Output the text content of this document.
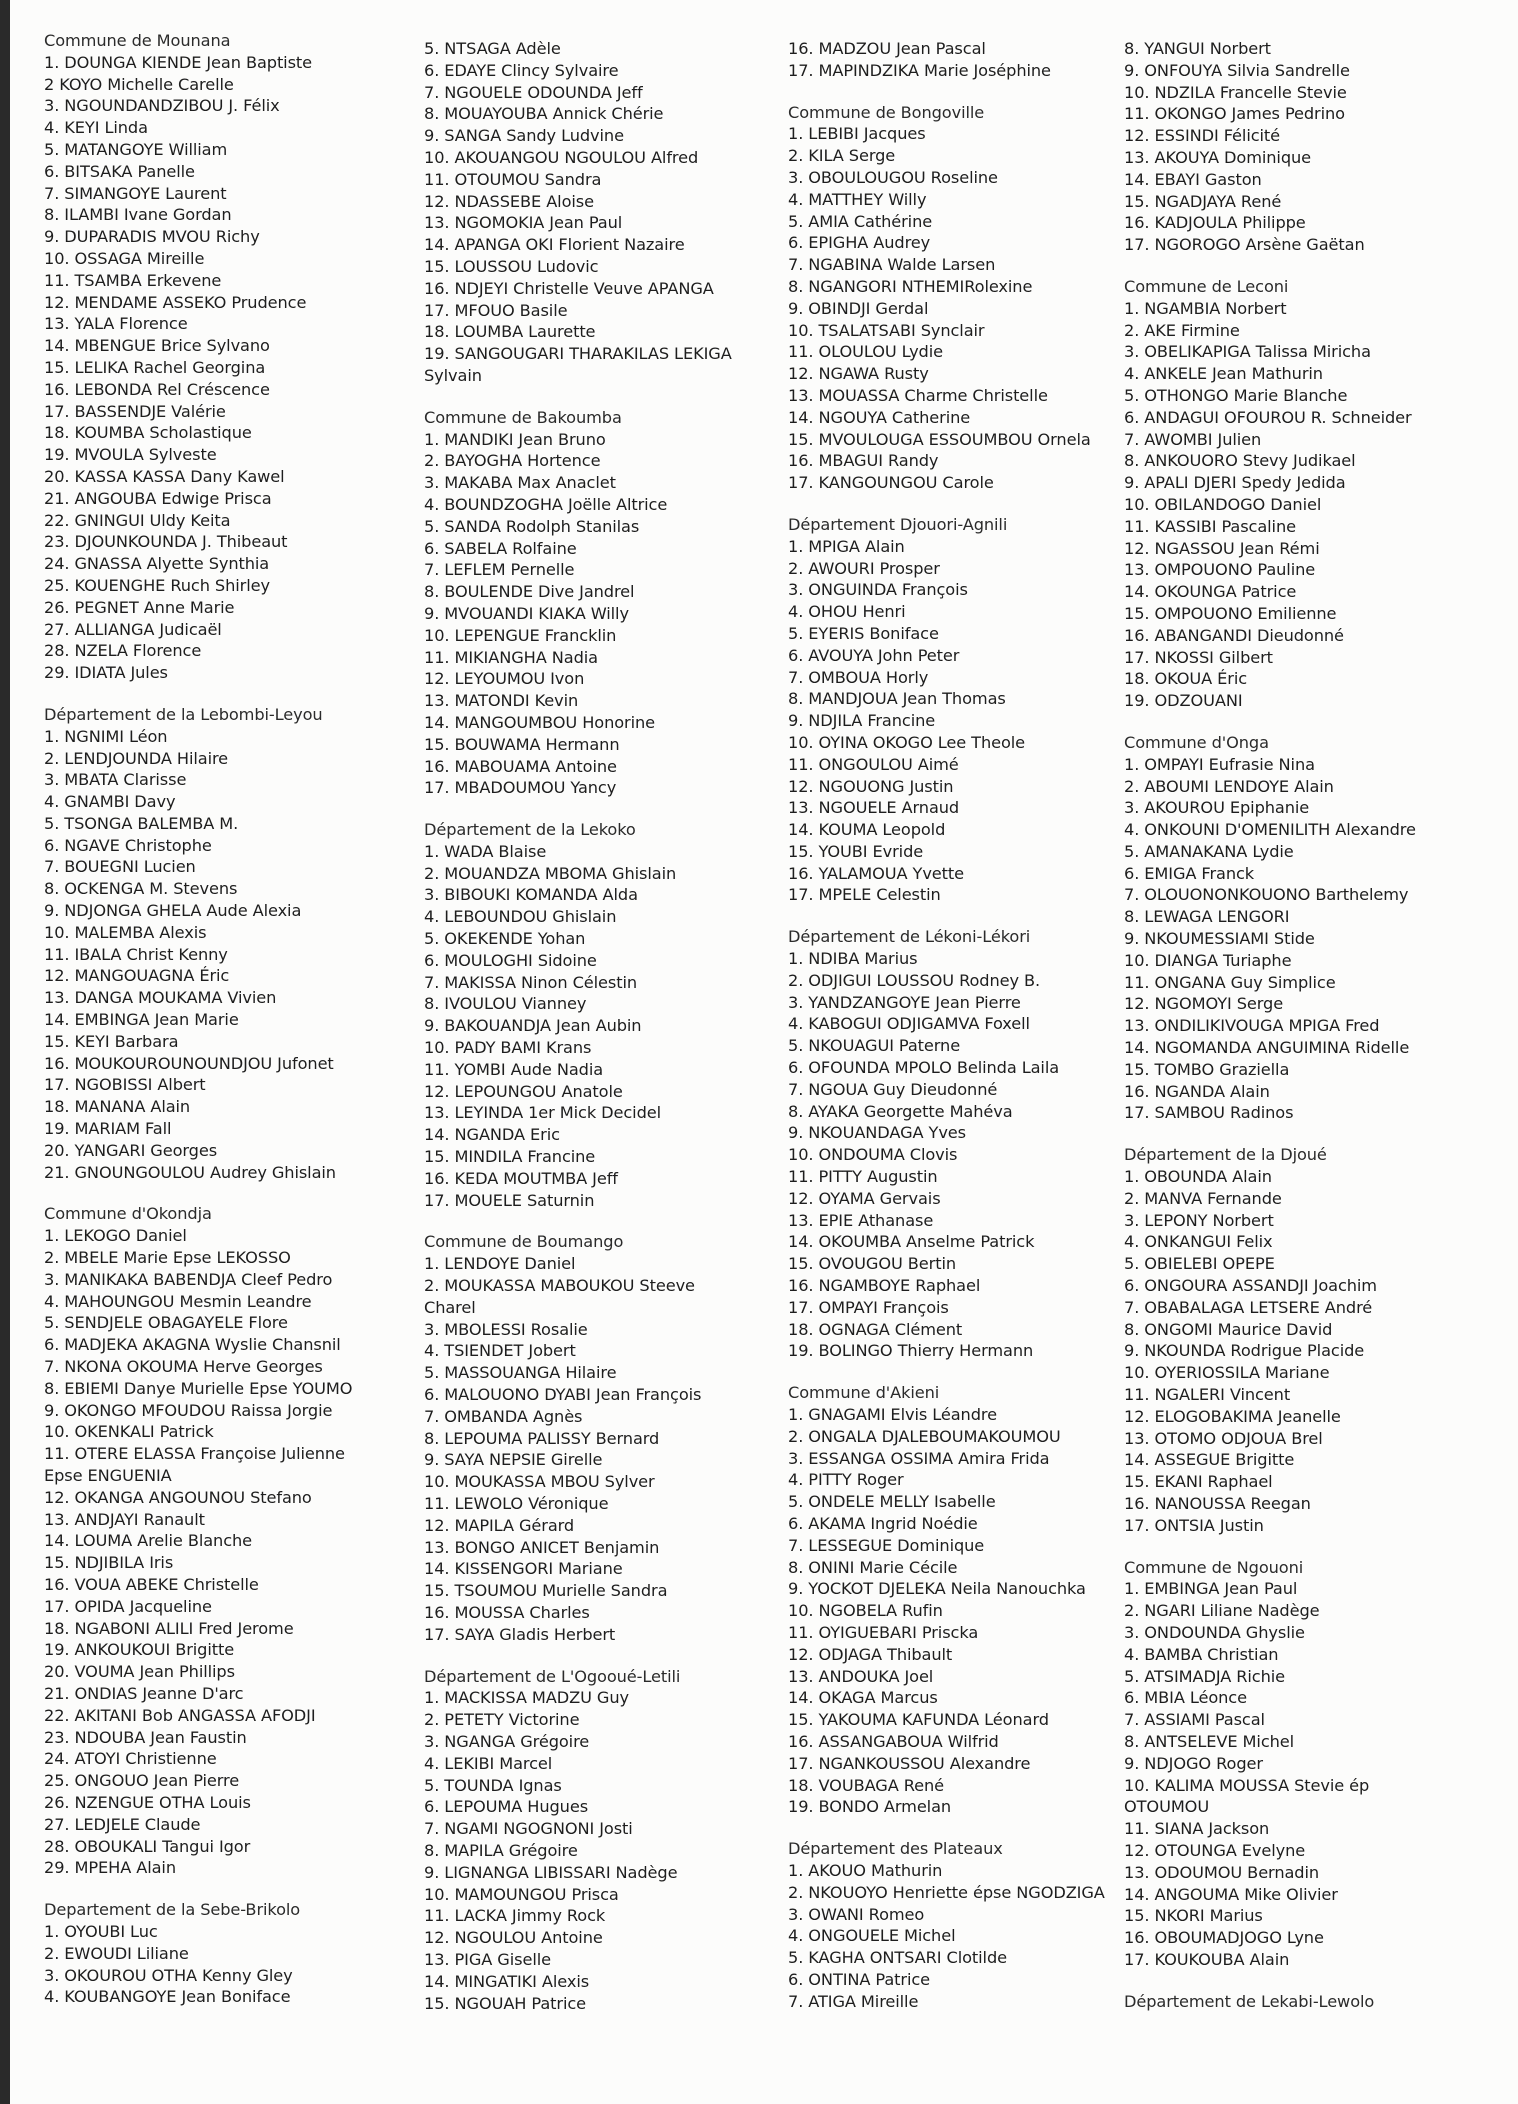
Commune de Mounana
1. DOUNGA KIENDE Jean Baptiste
2 KOYO Michelle Carelle
3. NGOUNDANDZIBOU J. Félix
4. KEYI Linda
5. MATANGOYE William
6. BITSAKA Panelle
7. SIMANGOYE Laurent
8. ILAMBI Ivane Gordan
9. DUPARADIS MVOU Richy
10. OSSAGA Mireille
11. TSAMBA Erkevene
12. MENDAME ASSEKO Prudence
13. YALA Florence
14. MBENGUE Brice Sylvano
15. LELIKA Rachel Georgina
16. LEBONDA Rel Créscence
17. BASSENDJE Valérie
18. KOUMBA Scholastique
19. MVOULA Sylveste
20. KASSA KASSA Dany Kawel
21. ANGOUBA Edwige Prisca
22. GNINGUI Uldy Keita
23. DJOUNKOUNDA J. Thibeaut
24. GNASSA Alyette Synthia
25. KOUENGHE Ruch Shirley
26. PEGNET Anne Marie
27. ALLIANGA Judicaël
28. NZELA Florence
29. IDIATA Jules
Département de la Lebombi-Leyou
1. NGNIMI Léon
2. LENDJOUNDA Hilaire
3. MBATA Clarisse
4. GNAMBI Davy
5. TSONGA BALEMBA M.
6. NGAVE Christophe
7. BOUEGNI Lucien
8. OCKENGA M. Stevens
9. NDJONGA GHELA Aude Alexia
10. MALEMBA Alexis
11. IBALA Christ Kenny
12. MANGOUAGNA Éric
13. DANGA MOUKAMA Vivien
14. EMBINGA Jean Marie
15. KEYI Barbara
16. MOUKOUROUNOUNDJOU Jufonet
17. NGOBISSI Albert
18. MANANA Alain
19. MARIAM Fall
20. YANGARI Georges
21. GNOUNGOULOU Audrey Ghislain
Commune d'Okondja
1. LEKOGO Daniel
2. MBELE Marie Epse LEKOSSO
3. MANIKAKA BABENDJA Cleef Pedro
4. MAHOUNGOU Mesmin Leandre
5. SENDJELE OBAGAYELE Flore
6. MADJEKA AKAGNA Wyslie Chansnil
7. NKONA OKOUMA Herve Georges
8. EBIEMI Danye Murielle Epse YOUMO
9. OKONGO MFOUDOU Raissa Jorgie
10. OKENKALI Patrick
11. OTERE ELASSA Françoise Julienne
Epse ENGUENIA
12. OKANGA ANGOUNOU Stefano
13. ANDJAYI Ranault
14. LOUMA Arelie Blanche
15. NDJIBILA Iris
16. VOUA ABEKE Christelle
17. OPIDA Jacqueline
18. NGABONI ALILI Fred Jerome
19. ANKOUKOUI Brigitte
20. VOUMA Jean Phillips
21. ONDIAS Jeanne D'arc
22. AKITANI Bob ANGASSA AFODJI
23. NDOUBA Jean Faustin
24. ATOYI Christienne
25. ONGOUO Jean Pierre
26. NZENGUE OTHA Louis
27. LEDJELE Claude
28. OBOUKALI Tangui Igor
29. MPEHA Alain
Departement de la Sebe-Brikolo
1. OYOUBI Luc
2. EWOUDI Liliane
3. OKOUROU OTHA Kenny Gley
4. KOUBANGOYE Jean Boniface
5. NTSAGA Adèle
6. EDAYE Clincy Sylvaire
7. NGOUELE ODOUNDA Jeff
8. MOUAYOUBA Annick Chérie
9. SANGA Sandy Ludvine
10. AKOUANGOU NGOULOU Alfred
11. OTOUMOU Sandra
12. NDASSEBE Aloise
13. NGOMOKIA Jean Paul
14. APANGA OKI Florient Nazaire
15. LOUSSOU Ludovic
16. NDJEYI Christelle Veuve APANGA
17. MFOUO Basile
18. LOUMBA Laurette
19. SANGOUGARI THARAKILAS LEKIGA
Sylvain
Commune de Bakoumba
1. MANDIKI Jean Bruno
2. BAYOGHA Hortence
3. MAKABA Max Anaclet
4. BOUNDZOGHA Joëlle Altrice
5. SANDA Rodolph Stanilas
6. SABELA Rolfaine
7. LEFLEM Pernelle
8. BOULENDE Dive Jandrel
9. MVOUANDI KIAKA Willy
10. LEPENGUE Francklin
11. MIKIANGHA Nadia
12. LEYOUMOU Ivon
13. MATONDI Kevin
14. MANGOUMBOU Honorine
15. BOUWAMA Hermann
16. MABOUAMA Antoine
17. MBADOUMOU Yancy
Département de la Lekoko
1. WADA Blaise
2. MOUANDZA MBOMA Ghislain
3. BIBOUKI KOMANDA Alda
4. LEBOUNDOU Ghislain
5. OKEKENDE Yohan
6. MOULOGHI Sidoine
7. MAKISSA Ninon Célestin
8. IVOULOU Vianney
9. BAKOUANDJA Jean Aubin
10. PADY BAMI Krans
11. YOMBI Aude Nadia
12. LEPOUNGOU Anatole
13. LEYINDA 1er Mick Decidel
14. NGANDA Eric
15. MINDILA Francine
16. KEDA MOUTMBA Jeff
17. MOUELE Saturnin
Commune de Boumango
1. LENDOYE Daniel
2. MOUKASSA MABOUKOU Steeve
Charel
3. MBOLESSI Rosalie
4. TSIENDET Jobert
5. MASSOUANGA Hilaire
6. MALOUONO DYABI Jean François
7. OMBANDA Agnès
8. LEPOUMA PALISSY Bernard
9. SAYA NEPSIE Girelle
10. MOUKASSA MBOU Sylver
11. LEWOLO Véronique
12. MAPILA Gérard
13. BONGO ANICET Benjamin
14. KISSENGORI Mariane
15. TSOUMOU Murielle Sandra
16. MOUSSA Charles
17. SAYA Gladis Herbert
Département de L'Ogooué-Letili
1. MACKISSA MADZU Guy
2. PETETY Victorine
3. NGANGA Grégoire
4. LEKIBI Marcel
5. TOUNDA Ignas
6. LEPOUMA Hugues
7. NGAMI NGOGNONI Josti
8. MAPILA Grégoire
9. LIGNANGA LIBISSARI Nadège
10. MAMOUNGOU Prisca
11. LACKA Jimmy Rock
12. NGOULOU Antoine
13. PIGA Giselle
14. MINGATIKI Alexis
15. NGOUAH Patrice
16. MADZOU Jean Pascal
17. MAPINDZIKA Marie Joséphine
Commune de Bongoville
1. LEBIBI Jacques
2. KILA Serge
3. OBOULOUGOU Roseline
4. MATTHEY Willy
5. AMIA Cathérine
6. EPIGHA Audrey
7. NGABINA Walde Larsen
8. NGANGORI NTHEMIRolexine
9. OBINDJI Gerdal
10. TSALATSABI Synclair
11. OLOULOU Lydie
12. NGAWA Rusty
13. MOUASSA Charme Christelle
14. NGOUYA Catherine
15. MVOULOUGA ESSOUMBOU Ornela
16. MBAGUI Randy
17. KANGOUNGOU Carole
Département Djouori-Agnili
1. MPIGA Alain
2. AWOURI Prosper
3. ONGUINDA François
4. OHOU Henri
5. EYERIS Boniface
6. AVOUYA John Peter
7. OMBOUA Horly
8. MANDJOUA Jean Thomas
9. NDJILA Francine
10. OYINA OKOGO Lee Theole
11. ONGOULOU Aimé
12. NGOUONG Justin
13. NGOUELE Arnaud
14. KOUMA Leopold
15. YOUBI Evride
16. YALAMOUA Yvette
17. MPELE Celestin
Département de Lékoni-Lékori
1. NDIBA Marius
2. ODJIGUI LOUSSOU Rodney B.
3. YANDZANGOYE Jean Pierre
4. KABOGUI ODJIGAMVA Foxell
5. NKOUAGUI Paterne
6. OFOUNDA MPOLO Belinda Laila
7. NGOUA Guy Dieudonné
8. AYAKA Georgette Mahéva
9. NKOUANDAGA Yves
10. ONDOUMA Clovis
11. PITTY Augustin
12. OYAMA Gervais
13. EPIE Athanase
14. OKOUMBA Anselme Patrick
15. OVOUGOU Bertin
16. NGAMBOYE Raphael
17. OMPAYI François
18. OGNAGA Clément
19. BOLINGO Thierry Hermann
Commune d'Akieni
1. GNAGAMI Elvis Léandre
2. ONGALA DJALEBOUMAKOUMOU
3. ESSANGA OSSIMA Amira Frida
4. PITTY Roger
5. ONDELE MELLY Isabelle
6. AKAMA Ingrid Noédie
7. LESSEGUE Dominique
8. ONINI Marie Cécile
9. YOCKOT DJELEKA Neila Nanouchka
10. NGOBELA Rufin
11. OYIGUEBARI Priscka
12. ODJAGA Thibault
13. ANDOUKA Joel
14. OKAGA Marcus
15. YAKOUMA KAFUNDA Léonard
16. ASSANGABOUA Wilfrid
17. NGANKOUSSOU Alexandre
18. VOUBAGA René
19. BONDO Armelan
Département des Plateaux
1. AKOUO Mathurin
2. NKOUOYO Henriette épse NGODZIGA
3. OWANI Romeo
4. ONGOUELE Michel
5. KAGHA ONTSARI Clotilde
6. ONTINA Patrice
7. ATIGA Mireille
8. YANGUI Norbert
9. ONFOUYA Silvia Sandrelle
10. NDZILA Francelle Stevie
11. OKONGO James Pedrino
12. ESSINDI Félicité
13. AKOUYA Dominique
14. EBAYI Gaston
15. NGADJAYA René
16. KADJOULA Philippe
17. NGOROGO Arsène Gaëtan
Commune de Leconi
1. NGAMBIA Norbert
2. AKE Firmine
3. OBELIKAPIGA Talissa Miricha
4. ANKELE Jean Mathurin
5. OTHONGO Marie Blanche
6. ANDAGUI OFOUROU R. Schneider
7. AWOMBI Julien
8. ANKOUORO Stevy Judikael
9. APALI DJERI Spedy Jedida
10. OBILANDOGO Daniel
11. KASSIBI Pascaline
12. NGASSOU Jean Rémi
13. OMPOUONO Pauline
14. OKOUNGA Patrice
15. OMPOUONO Emilienne
16. ABANGANDI Dieudonné
17. NKOSSI Gilbert
18. OKOUA Éric
19. ODZOUANI
Commune d'Onga
1. OMPAYI Eufrasie Nina
2. ABOUMI LENDOYE Alain
3. AKOUROU Epiphanie
4. ONKOUNI D'OMENILITH Alexandre
5. AMANAKANA Lydie
6. EMIGA Franck
7. OLOUONONKOUONO Barthelemy
8. LEWAGA LENGORI
9. NKOUMESSIAMI Stide
10. DIANGA Turiaphe
11. ONGANA Guy Simplice
12. NGOMOYI Serge
13. ONDILIKIVOUGA MPIGA Fred
14. NGOMANDA ANGUIMINA Ridelle
15. TOMBO Graziella
16. NGANDA Alain
17. SAMBOU Radinos
Département de la Djoué
1. OBOUNDA Alain
2. MANVA Fernande
3. LEPONY Norbert
4. ONKANGUI Felix
5. OBIELEBI OPEPE
6. ONGOURA ASSANDJI Joachim
7. OBABALAGA LETSERE André
8. ONGOMI Maurice David
9. NKOUNDA Rodrigue Placide
10. OYERIOSSILA Mariane
11. NGALERI Vincent
12. ELOGOBAKIMA Jeanelle
13. OTOMO ODJOUA Brel
14. ASSEGUE Brigitte
15. EKANI Raphael
16. NANOUSSA Reegan
17. ONTSIA Justin
Commune de Ngouoni
1. EMBINGA Jean Paul
2. NGARI Liliane Nadège
3. ONDOUNDA Ghyslie
4. BAMBA Christian
5. ATSIMADJA Richie
6. MBIA Léonce
7. ASSIAMI Pascal
8. ANTSELEVE Michel
9. NDJOGO Roger
10. KALIMA MOUSSA Stevie ép
OTOUMOU
11. SIANA Jackson
12. OTOUNGA Evelyne
13. ODOUMOU Bernadin
14. ANGOUMA Mike Olivier
15. NKORI Marius
16. OBOUMADJOGO Lyne
17. KOUKOUBA Alain
Département de Lekabi-Lewolo
